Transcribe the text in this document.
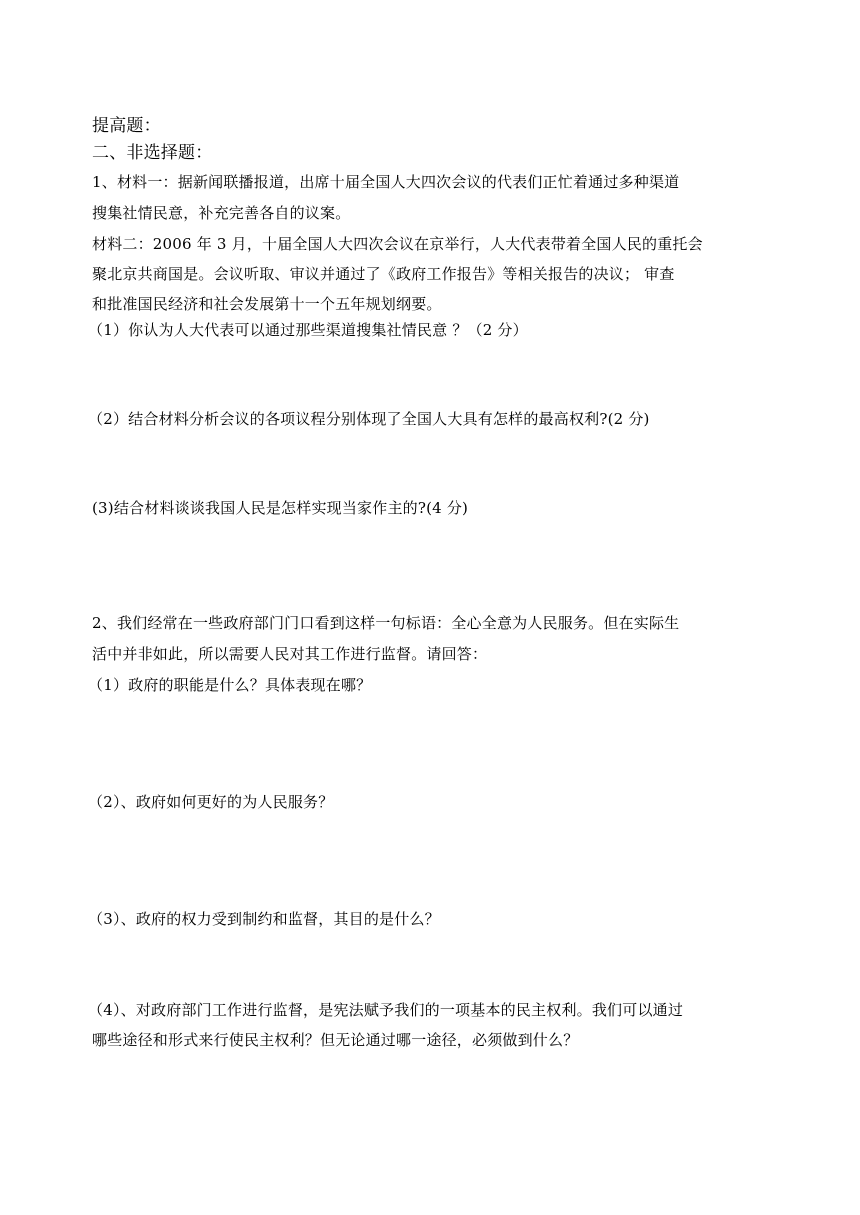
提高题：
二、非选择题：
1、材料一：据新闻联播报道，出席十届全国人大四次会议的代表们正忙着通过多种渠道
搜集社情民意，补充完善各自的议案。
材料二：2006 年 3 月，十届全国人大四次会议在京举行，人大代表带着全国人民的重托会
聚北京共商国是。会议听取、审议并通过了《政府工作报告》等相关报告的决议； 审查
和批准国民经济和社会发展第十一个五年规划纲要。
（1）你认为人大代表可以通过那些渠道搜集社情民意 ？（2 分）
（2）结合材料分析会议的各项议程分别体现了全国人大具有怎样的最高权利?(2 分)
(3)结合材料谈谈我国人民是怎样实现当家作主的?(4 分)
2、我们经常在一些政府部门门口看到这样一句标语：全心全意为人民服务。但在实际生
活中并非如此，所以需要人民对其工作进行监督。请回答：
（1）政府的职能是什么？具体表现在哪？
（2）、政府如何更好的为人民服务？
（3）、政府的权力受到制约和监督，其目的是什么？
（4）、对政府部门工作进行监督，是宪法赋予我们的一项基本的民主权利。我们可以通过
哪些途径和形式来行使民主权利？但无论通过哪一途径，必须做到什么？
